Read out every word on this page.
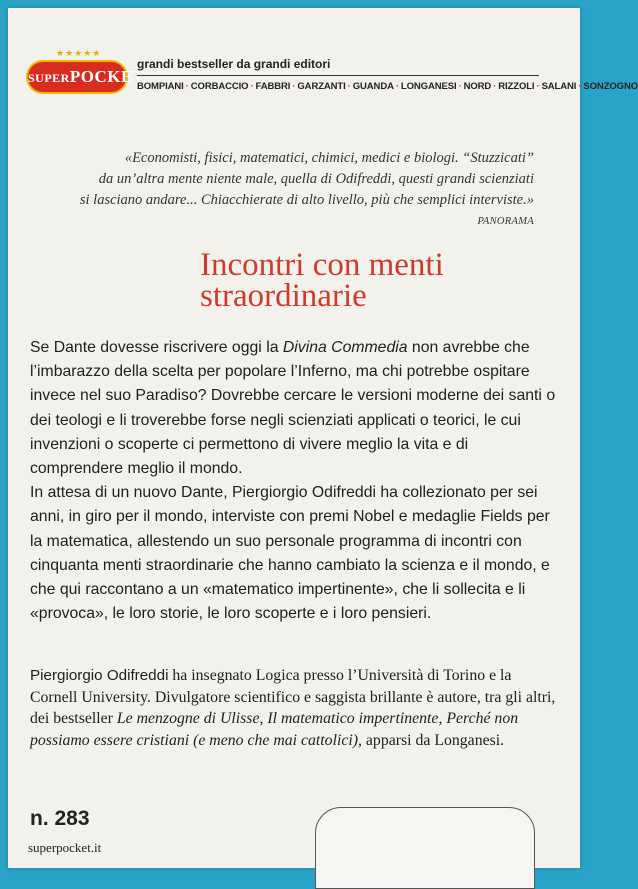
★★★★★
SUPERPOCKET
grandi bestseller da grandi editori
BOMPIANI · CORBACCIO · FABBRI · GARZANTI · GUANDA · LONGANESI · NORD · RIZZOLI · SALANI · SONZOGNO
«Economisti, fisici, matematici, chimici, medici e biologi. “Stuzzicati”
da un’altra mente niente male, quella di Odifreddi, questi grandi scienziati
si lasciano andare... Chiacchierate di alto livello, più che semplici interviste.»
PANORAMA
Incontri con menti
straordinarie

Se Dante dovesse riscrivere oggi la Divina Commedia non avrebbe che l’imbarazzo della scelta per popolare l’Inferno, ma chi potrebbe ospitare invece nel suo Paradiso? Dovrebbe cercare le versioni moderne dei santi o dei teologi e li troverebbe forse negli scienziati applicati o teorici, le cui invenzioni o scoperte ci permettono di vivere meglio la vita e di comprendere meglio il mondo.

In attesa di un nuovo Dante, Piergiorgio Odifreddi ha collezionato per sei anni, in giro per il mondo, interviste con premi Nobel e medaglie Fields per la matematica, allestendo un suo personale programma di incontri con cinquanta menti straordinarie che hanno cambiato la scienza e il mondo, e che qui raccontano a un «matematico impertinente», che li sollecita e li «provoca», le loro storie, le loro scoperte e i loro pensieri.

Piergiorgio Odifreddi ha insegnato Logica presso l’Università di Torino e la Cornell University. Divulgatore scientifico e saggista brillante è autore, tra gli altri, dei bestseller Le menzogne di Ulisse, Il matematico impertinente, Perché non possiamo essere cristiani (e meno che mai cattolici), apparsi da Longanesi.
n. 283
superpocket.it
